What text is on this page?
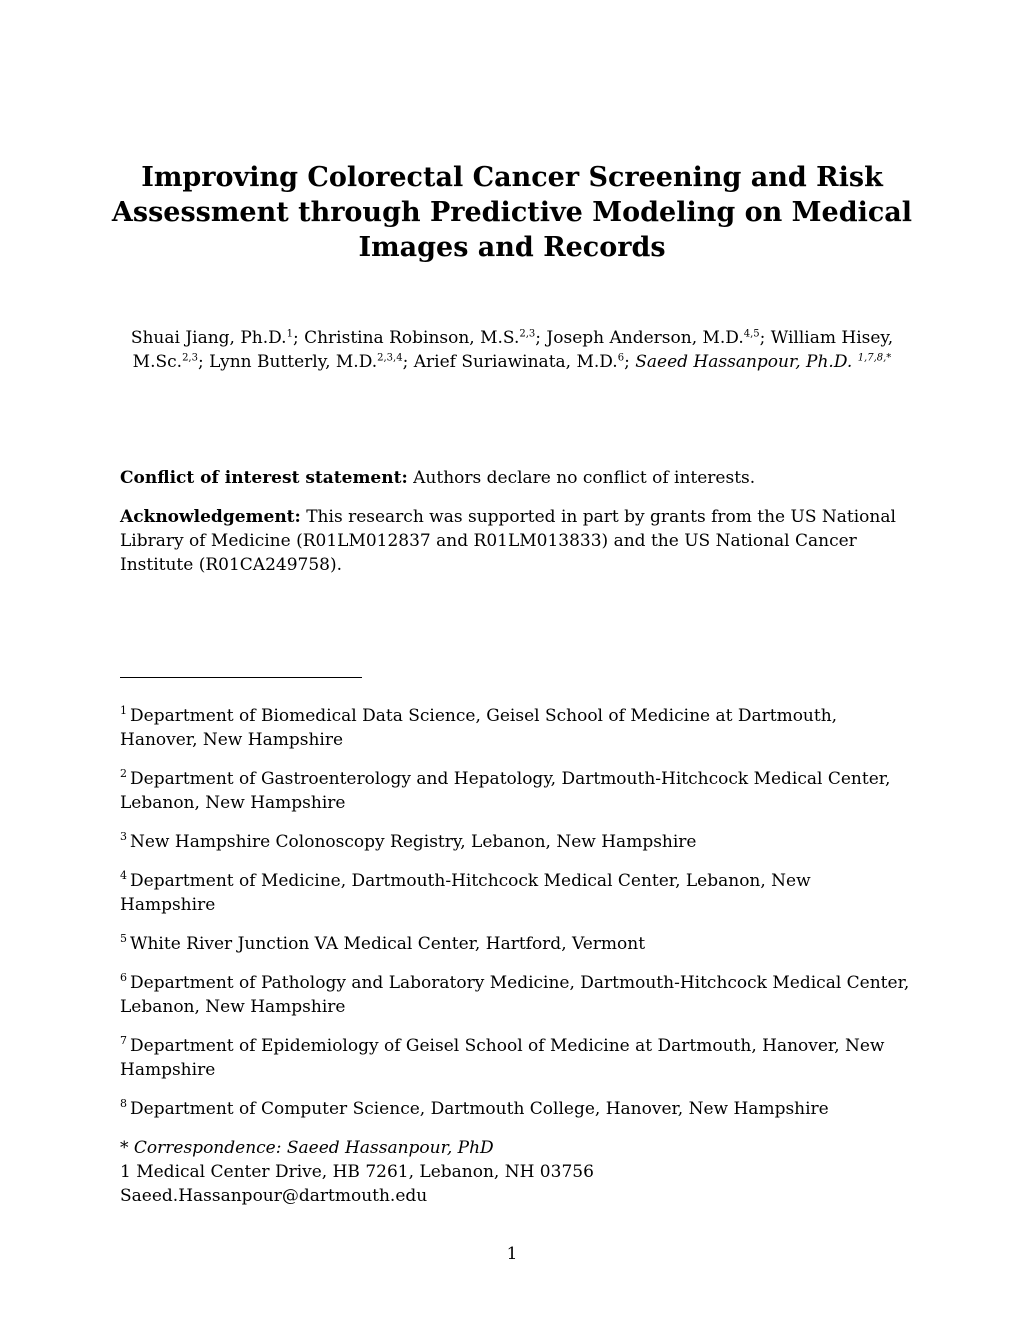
Improving Colorectal Cancer Screening and Risk
Assessment through Predictive Modeling on Medical
Images and Records
Shuai Jiang, Ph.D.$^1$; Christina Robinson, M.S.$^{2,3}$; Joseph Anderson, M.D.$^{4,5}$; William Hisey, M.Sc.$^{2,3}$; Lynn Butterly, M.D.$^{2,3,4}$; Arief Suriawinata, M.D.$^6$; Saeed Hassanpour, Ph.D. $^{1,7,8,*}$

Conflict of interest statement: Authors declare no conflict of interests.

Acknowledgement: This research was supported in part by grants from the US National Library of Medicine (R01LM012837 and R01LM013833) and the US National Cancer Institute (R01CA249758).

$^1$ Department of Biomedical Data Science, Geisel School of Medicine at Dartmouth, Hanover, New Hampshire

$^2$ Department of Gastroenterology and Hepatology, Dartmouth-Hitchcock Medical Center, Lebanon, New Hampshire

$^3$ New Hampshire Colonoscopy Registry, Lebanon, New Hampshire

$^4$ Department of Medicine, Dartmouth-Hitchcock Medical Center, Lebanon, New Hampshire

$^5$ White River Junction VA Medical Center, Hartford, Vermont

$^6$ Department of Pathology and Laboratory Medicine, Dartmouth-Hitchcock Medical Center, Lebanon, New Hampshire

$^7$ Department of Epidemiology of Geisel School of Medicine at Dartmouth, Hanover, New Hampshire

$^8$ Department of Computer Science, Dartmouth College, Hanover, New Hampshire

* Correspondence: Saeed Hassanpour, PhD
1 Medical Center Drive, HB 7261, Lebanon, NH 03756
Saeed.Hassanpour@dartmouth.edu
1
